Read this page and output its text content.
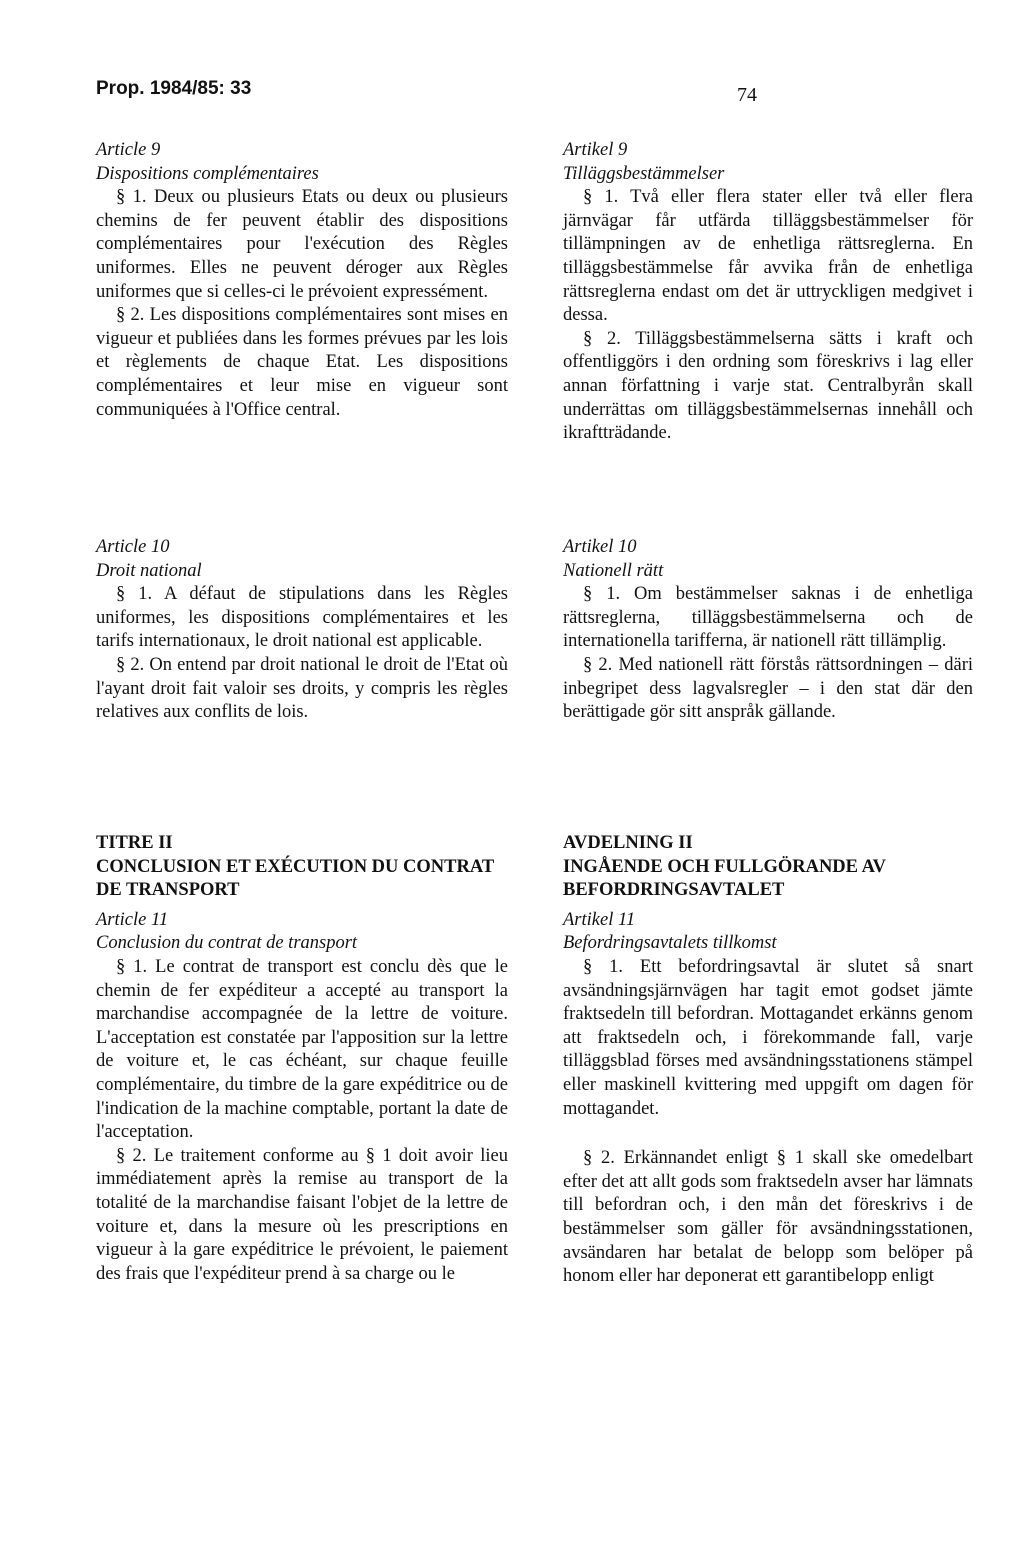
Prop. 1984/85: 33	74

Article 9

Dispositions complémentaires

§ 1. Deux ou plusieurs Etats ou deux ou plusieurs chemins de fer peuvent établir des dispositions complémentaires pour l'exécution des Règles uniformes. Elles ne peuvent déroger aux Règles uniformes que si celles-ci le prévoient expressément.

§ 2. Les dispositions complémentaires sont mises en vigueur et publiées dans les formes prévues par les lois et règlements de chaque Etat. Les dispositions complémentaires et leur mise en vigueur sont communiquées à l'Office central.

Artikel 9

Tilläggsbestämmelser

§ 1. Två eller flera stater eller två eller flera järnvägar får utfärda tilläggsbestämmelser för tillämpningen av de enhetliga rättsreglerna. En tilläggsbestämmelse får avvika från de enhetliga rättsreglerna endast om det är uttryckligen medgivet i dessa.

§ 2. Tilläggsbestämmelserna sätts i kraft och offentliggörs i den ordning som föreskrivs i lag eller annan författning i varje stat. Centralbyrån skall underrättas om tilläggsbestämmelsernas innehåll och ikraftträdande.

Article 10

Droit national

§ 1. A défaut de stipulations dans les Règles uniformes, les dispositions complémentaires et les tarifs internationaux, le droit national est applicable.

§ 2. On entend par droit national le droit de l'Etat où l'ayant droit fait valoir ses droits, y compris les règles relatives aux conflits de lois.

Artikel 10

Nationell rätt

§ 1. Om bestämmelser saknas i de enhetliga rättsreglerna, tilläggsbestämmelserna och de internationella tarifferna, är nationell rätt tillämplig.

§ 2. Med nationell rätt förstås rättsordningen – däri inbegripet dess lagvalsregler – i den stat där den berättigade gör sitt anspråk gällande.

TITRE II

CONCLUSION ET EXÉCUTION DU CONTRAT DE TRANSPORT

Article 11

Conclusion du contrat de transport

§ 1. Le contrat de transport est conclu dès que le chemin de fer expéditeur a accepté au transport la marchandise accompagnée de la lettre de voiture. L'acceptation est constatée par l'apposition sur la lettre de voiture et, le cas échéant, sur chaque feuille complémentaire, du timbre de la gare expéditrice ou de l'indication de la machine comptable, portant la date de l'acceptation.

§ 2. Le traitement conforme au § 1 doit avoir lieu immédiatement après la remise au transport de la totalité de la marchandise faisant l'objet de la lettre de voiture et, dans la mesure où les prescriptions en vigueur à la gare expéditrice le prévoient, le paiement des frais que l'expéditeur prend à sa charge ou le

AVDELNING II

INGÅENDE OCH FULLGÖRANDE AV BEFORDRINGSAVTALET

Artikel 11

Befordringsavtalets tillkomst

§ 1. Ett befordringsavtal är slutet så snart avsändningsjärnvägen har tagit emot godset jämte fraktsedeln till befordran. Mottagandet erkänns genom att fraktsedeln och, i förekommande fall, varje tilläggsblad förses med avsändningsstationens stämpel eller maskinell kvittering med uppgift om dagen för mottagandet.

§ 2. Erkännandet enligt § 1 skall ske omedelbart efter det att allt gods som fraktsedeln avser har lämnats till befordran och, i den mån det föreskrivs i de bestämmelser som gäller för avsändningsstationen, avsändaren har betalat de belopp som belöper på honom eller har deponerat ett garantibelopp enligt
